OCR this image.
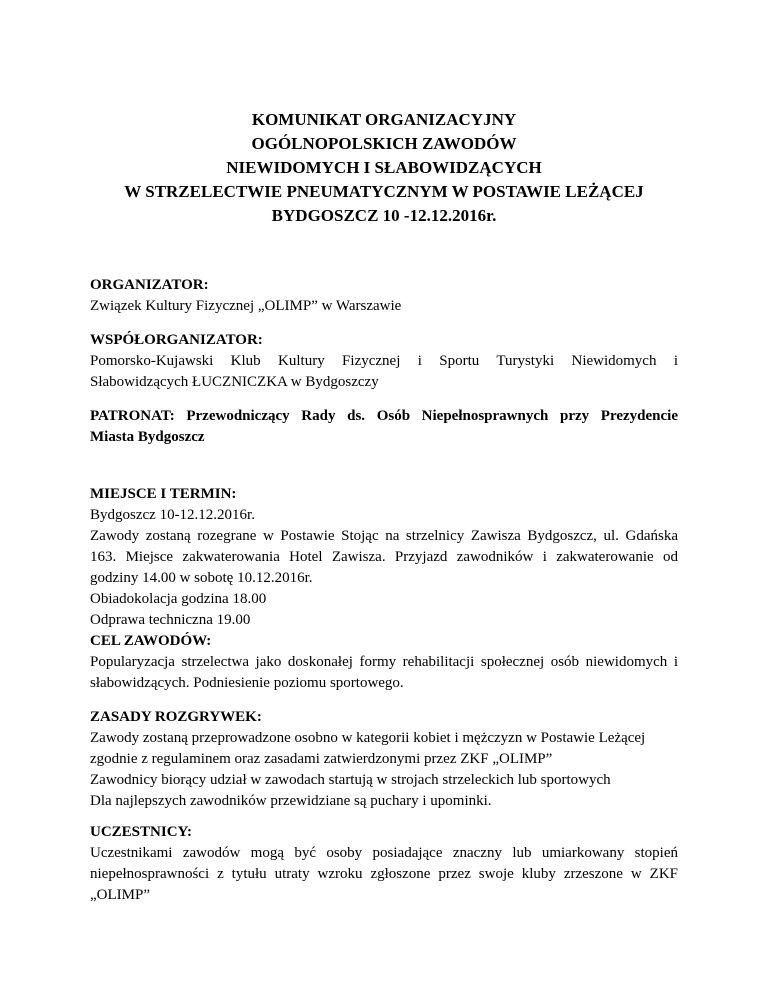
KOMUNIKAT ORGANIZACYJNY
OGÓLNOPOLSKICH ZAWODÓW
NIEWIDOMYCH I SŁABOWIDZĄCYCH
W STRZELECTWIE PNEUMATYCZNYM W POSTAWIE LEŻĄCEJ
BYDGOSZCZ 10 -12.12.2016r.
ORGANIZATOR:
Związek Kultury Fizycznej „OLIMP” w Warszawie
WSPÓŁORGANIZATOR:
Pomorsko-Kujawski Klub Kultury Fizycznej i Sportu Turystyki Niewidomych i
Słabowidzących ŁUCZNICZKA w Bydgoszczy
PATRONAT: Przewodniczący Rady ds. Osób Niepełnosprawnych przy Prezydencie
Miasta Bydgoszcz
MIEJSCE I TERMIN:
Bydgoszcz 10-12.12.2016r.
Zawody zostaną rozegrane w Postawie Stojąc na strzelnicy Zawisza Bydgoszcz, ul. Gdańska
163. Miejsce zakwaterowania Hotel Zawisza. Przyjazd zawodników i zakwaterowanie od
godziny 14.00 w sobotę 10.12.2016r.
Obiadokolacja godzina 18.00
Odprawa techniczna 19.00
CEL ZAWODÓW:
Popularyzacja strzelectwa jako doskonałej formy rehabilitacji społecznej osób niewidomych i
słabowidzących. Podniesienie poziomu sportowego.
ZASADY ROZGRYWEK:
Zawody zostaną przeprowadzone osobno w kategorii kobiet i mężczyzn w Postawie Leżącej
zgodnie z regulaminem oraz zasadami zatwierdzonymi przez ZKF „OLIMP”
Zawodnicy biorący udział w zawodach startują w strojach strzeleckich lub sportowych
Dla najlepszych zawodników przewidziane są puchary i upominki.
UCZESTNICY:
Uczestnikami zawodów mogą być osoby posiadające znaczny lub umiarkowany stopień
niepełnosprawności z tytułu utraty wzroku zgłoszone przez swoje kluby zrzeszone w ZKF
„OLIMP”
